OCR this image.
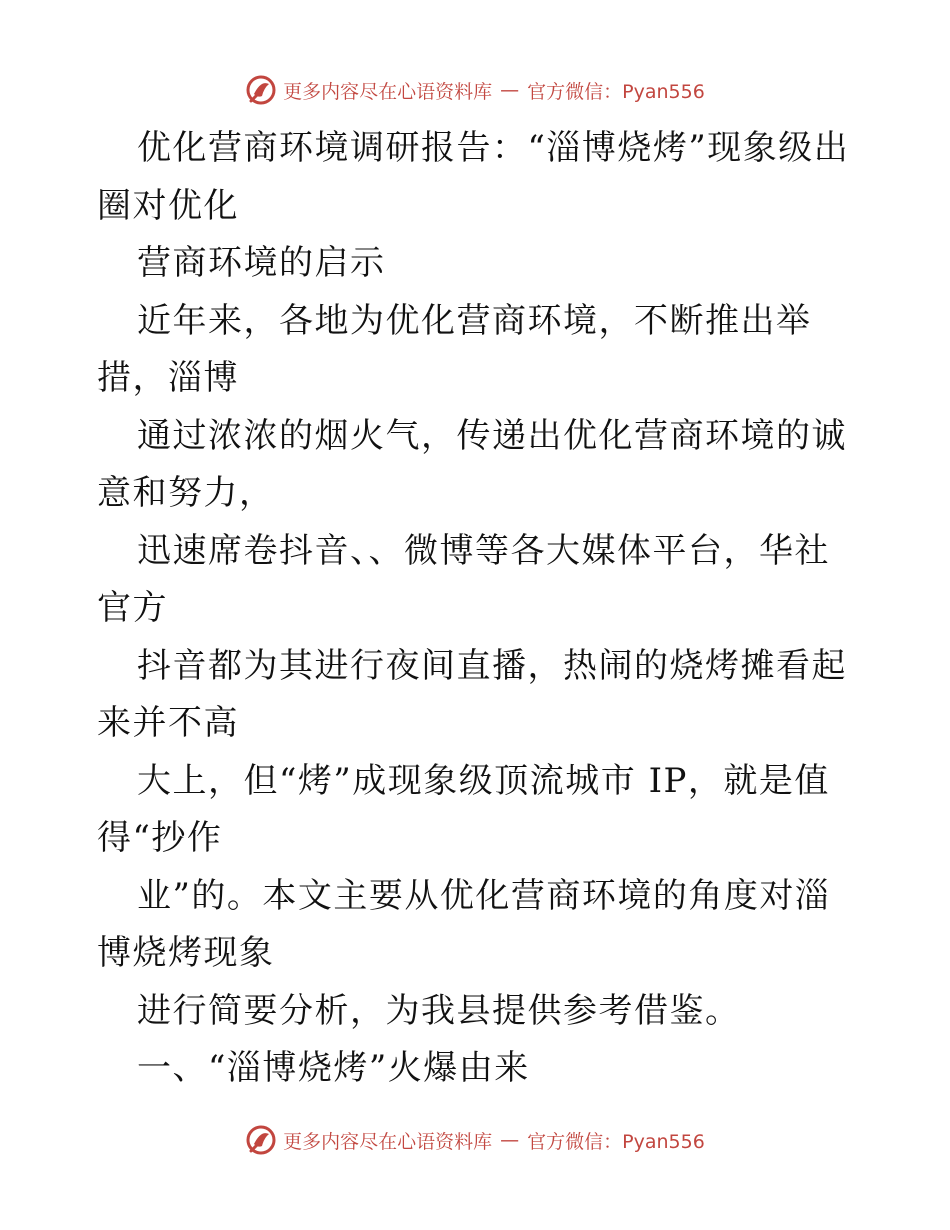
更多内容尽在心语资料库 — 官方微信：Pyan556

优化营商环境调研报告：“淄博烧烤”现象级出圈对优化

营商环境的启示

近年来，各地为优化营商环境，不断推出举措，淄博

通过浓浓的烟火气，传递出优化营商环境的诚意和努力，

迅速席卷抖音、、微博等各大媒体平台，华社官方

抖音都为其进行夜间直播，热闹的烧烤摊看起来并不高

大上，但“烤”成现象级顶流城市 IP，就是值得“抄作

业”的。本文主要从优化营商环境的角度对淄博烧烤现象

进行简要分析，为我县提供参考借鉴。

一、“淄博烧烤”火爆由来

更多内容尽在心语资料库 — 官方微信：Pyan556
